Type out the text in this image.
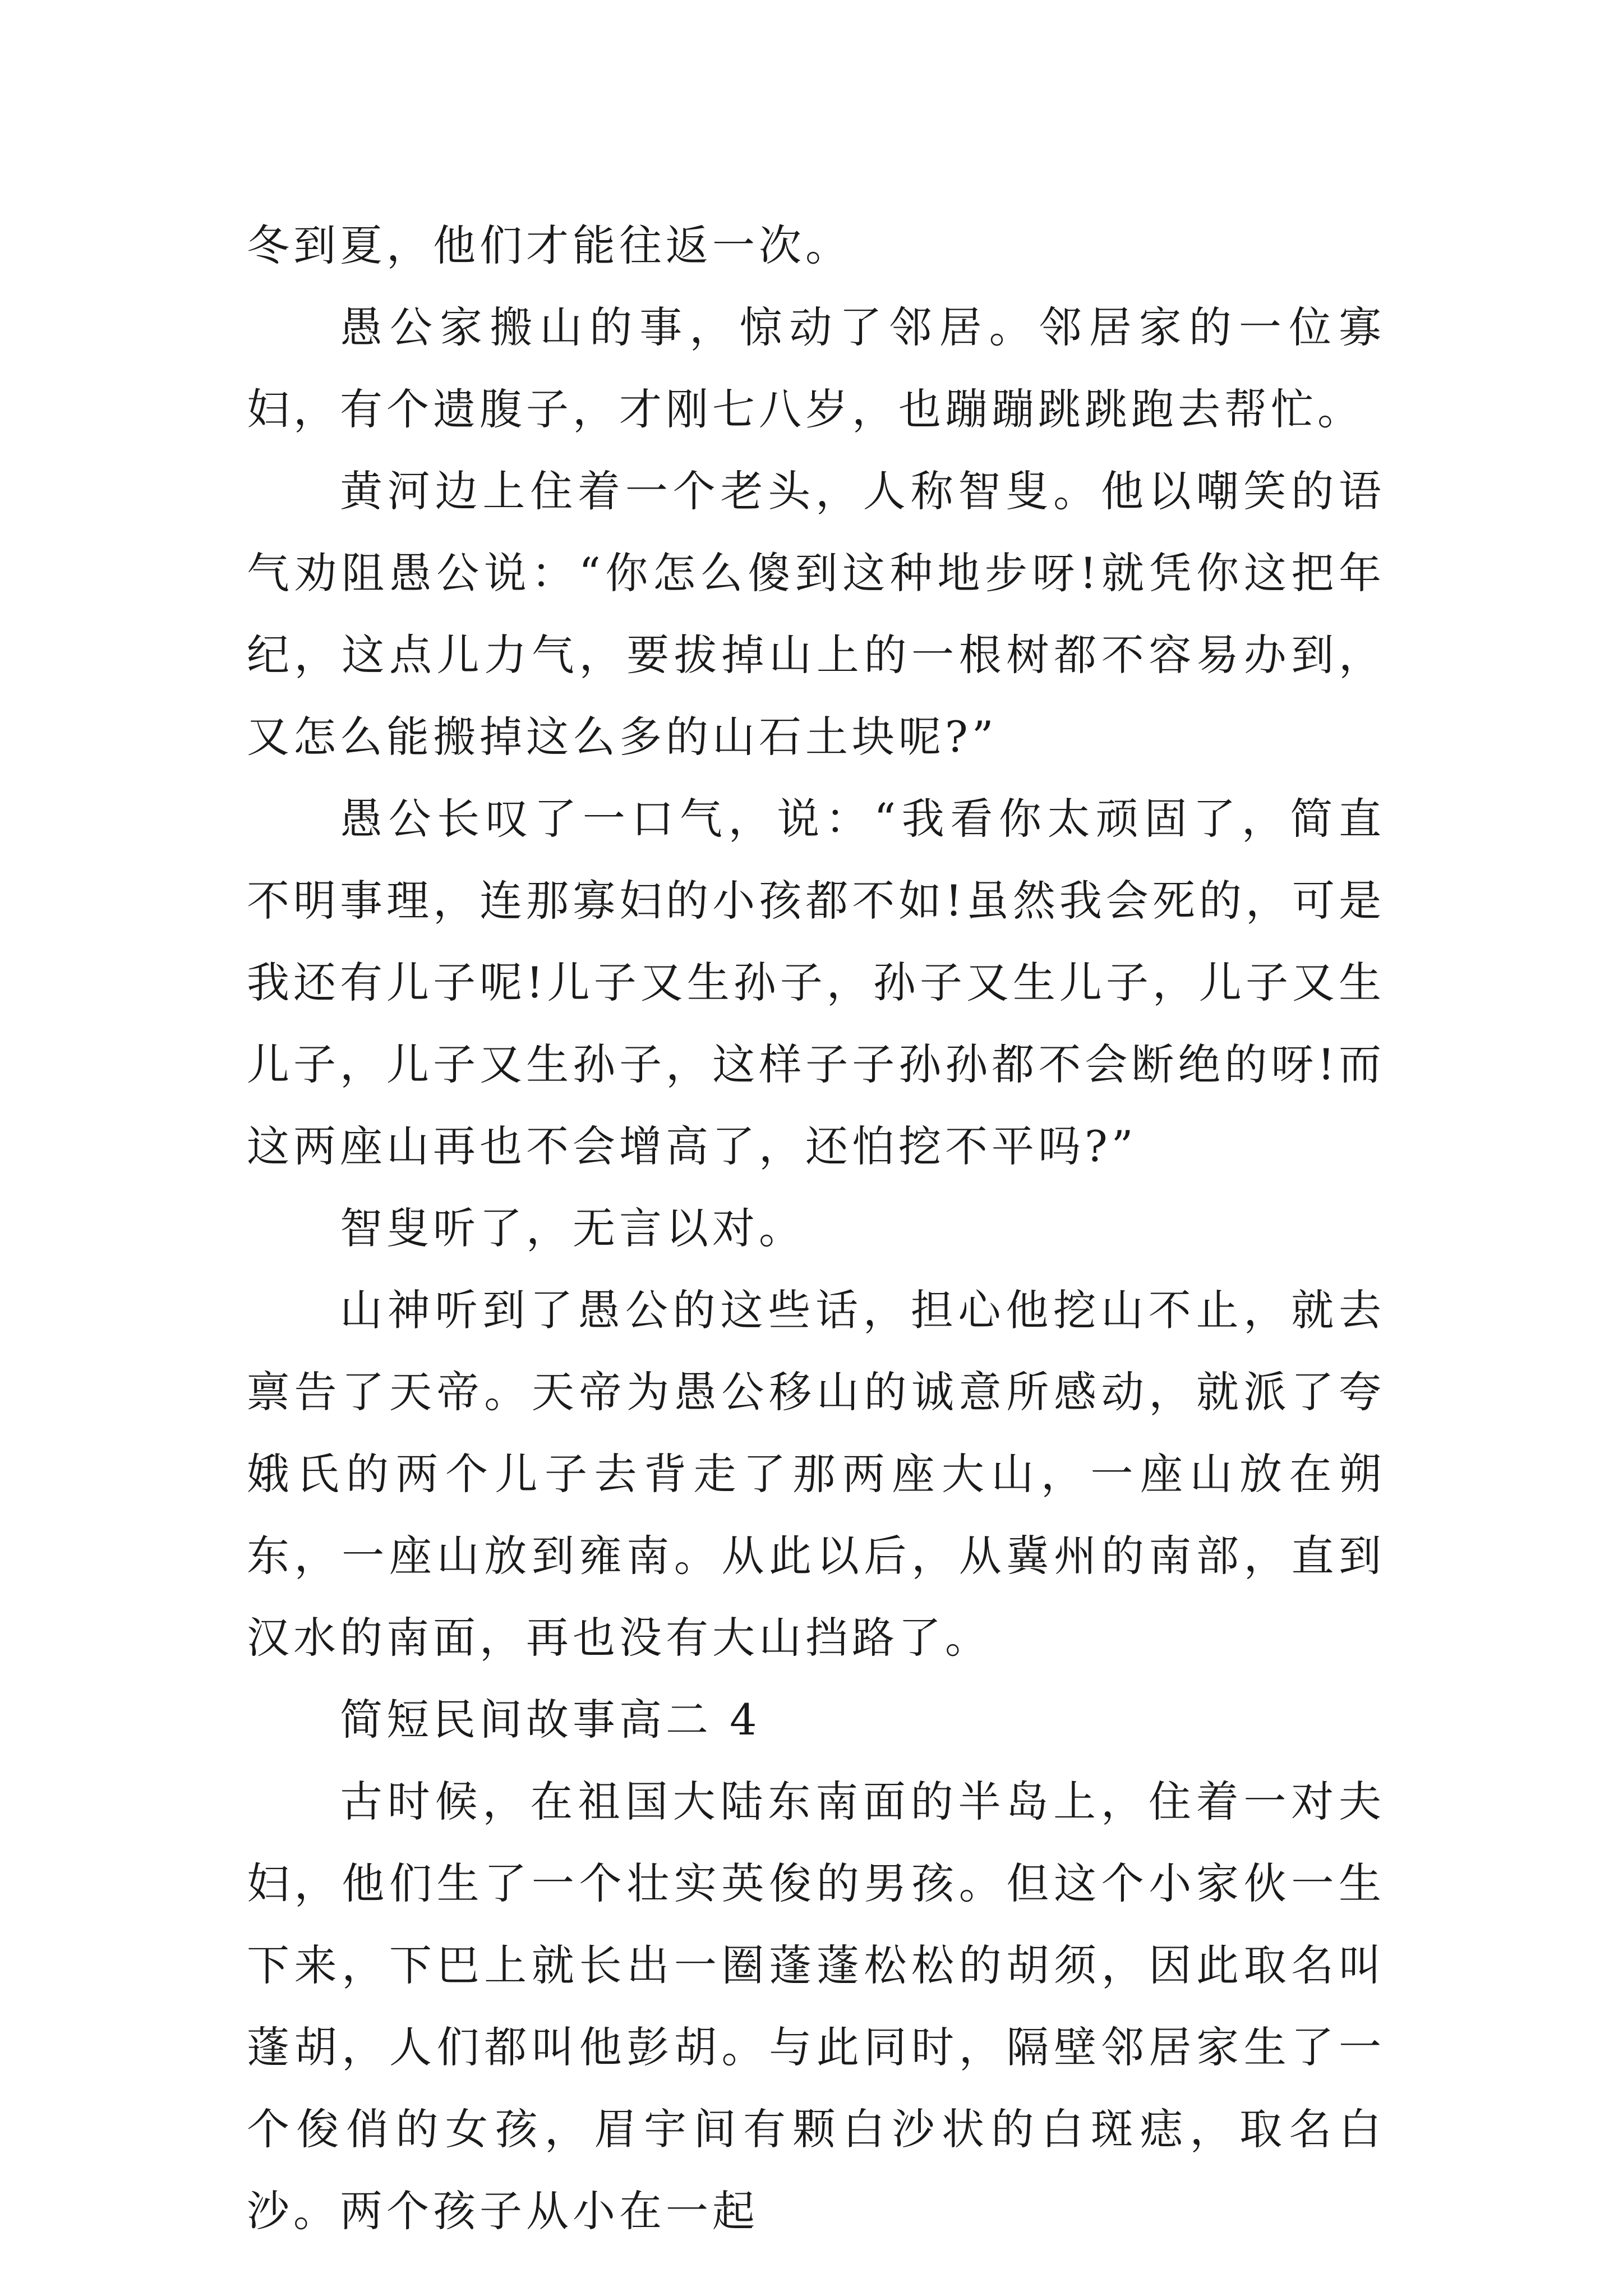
冬到夏，他们才能往返一次。

愚公家搬山的事，惊动了邻居。邻居家的一位寡妇，有个遗腹子，才刚七八岁，也蹦蹦跳跳跑去帮忙。

黄河边上住着一个老头，人称智叟。他以嘲笑的语气劝阻愚公说：“你怎么傻到这种地步呀!就凭你这把年纪，这点儿力气，要拔掉山上的一根树都不容易办到，又怎么能搬掉这么多的山石土块呢?”

愚公长叹了一口气，说：“我看你太顽固了，简直不明事理，连那寡妇的小孩都不如!虽然我会死的，可是我还有儿子呢!儿子又生孙子，孙子又生儿子，儿子又生儿子，儿子又生孙子，这样子子孙孙都不会断绝的呀!而这两座山再也不会增高了，还怕挖不平吗?”

智叟听了，无言以对。

山神听到了愚公的这些话，担心他挖山不止，就去禀告了天帝。天帝为愚公移山的诚意所感动，就派了夸娥氏的两个儿子去背走了那两座大山，一座山放在朔东，一座山放到雍南。从此以后，从冀州的南部，直到汉水的南面，再也没有大山挡路了。

简短民间故事高二 4

古时候，在祖国大陆东南面的半岛上，住着一对夫妇，他们生了一个壮实英俊的男孩。但这个小家伙一生下来，下巴上就长出一圈蓬蓬松松的胡须，因此取名叫蓬胡，人们都叫他彭胡。与此同时，隔壁邻居家生了一个俊俏的女孩，眉宇间有颗白沙状的白斑痣，取名白沙。两个孩子从小在一起
